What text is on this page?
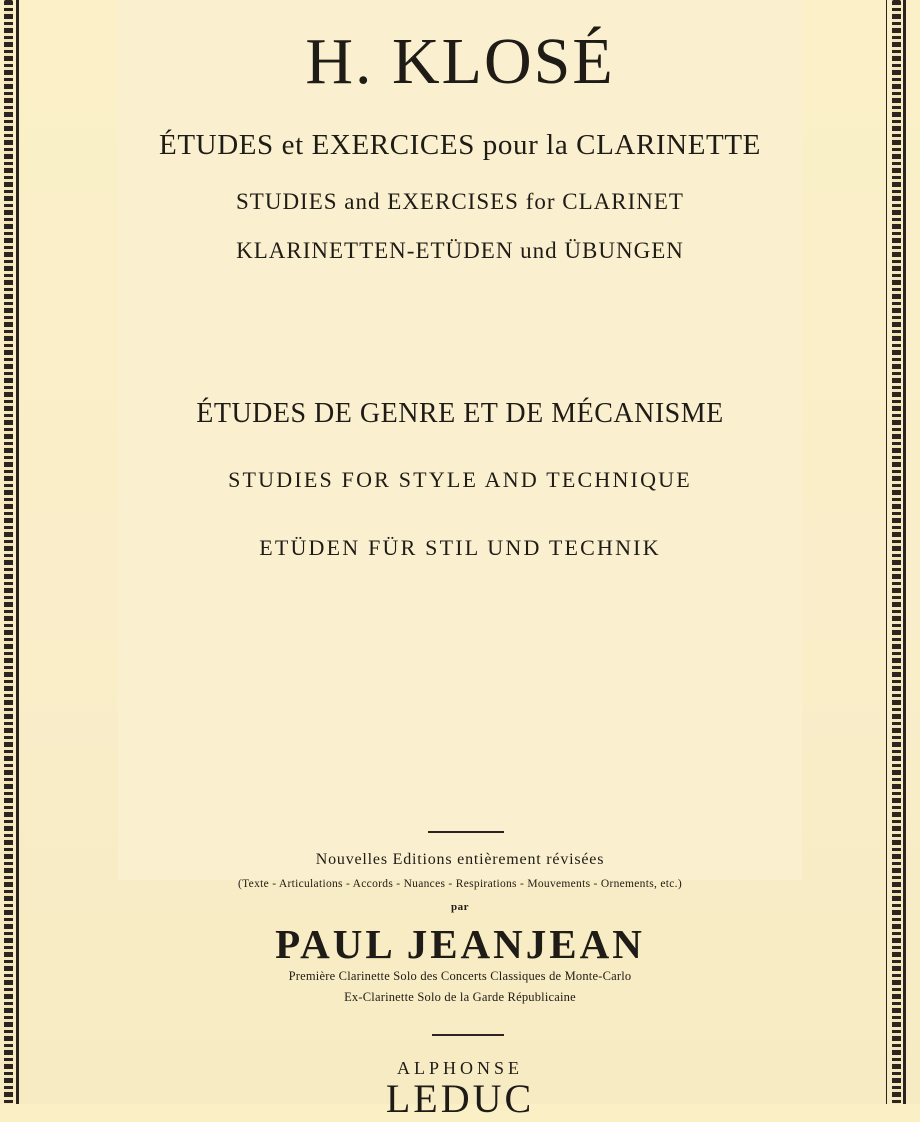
H. KLOSÉ
ÉTUDES et EXERCICES pour la CLARINETTE
STUDIES and EXERCISES for CLARINET
KLARINETTEN-ETÜDEN und ÜBUNGEN
ÉTUDES DE GENRE ET DE MÉCANISME
STUDIES FOR STYLE AND TECHNIQUE
ETÜDEN FÜR STIL UND TECHNIK
Nouvelles Editions entièrement révisées
(Texte - Articulations - Accords - Nuances - Respirations - Mouvements - Ornements, etc.)
par
PAUL JEANJEAN
Première Clarinette Solo des Concerts Classiques de Monte-Carlo
Ex-Clarinette Solo de la Garde Républicaine
ALPHONSE
LEDUC
